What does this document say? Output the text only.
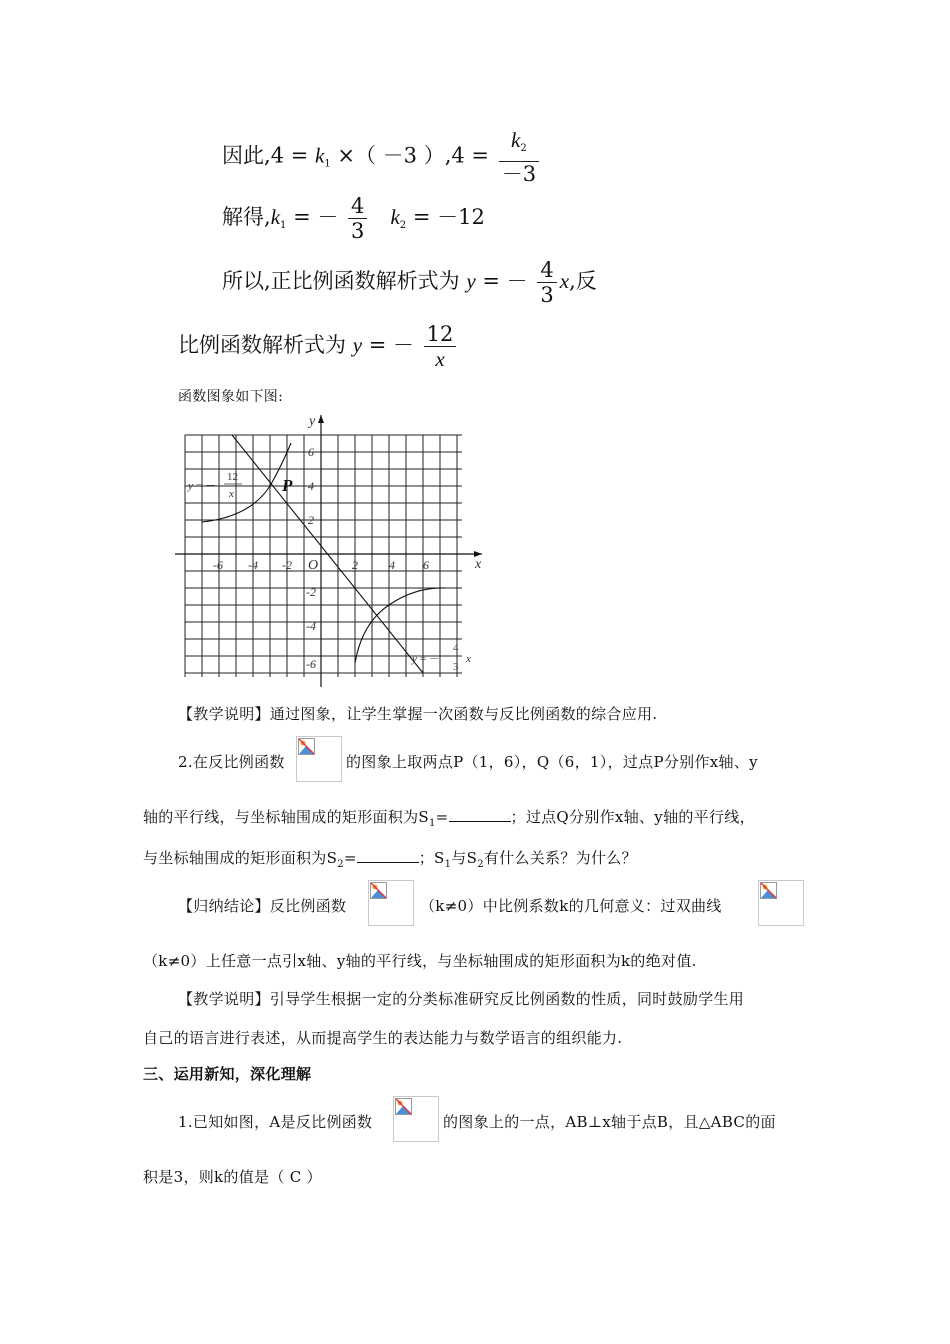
因此$,4 = k_1$ ×（ －3 ）$,4 = \frac{k_2}{-3}$
解得$,k_1$ = － $\frac{4}{3} k_2 = -12$
所以,正比例函数解析式为 y = － $\frac{4}{3} x$,反
比例函数解析式为 y = － $\frac{12}{x}$
函数图象如下图:
-6 -4 -2	2	4 6
6
4
2
-2
-4
-6
x
y
O
P
y = －
12
x
y = －
4
3
x
【教学说明】通过图象，让学生掌握一次函数与反比例函数的综合应用.
2.在反比例函数	的图象上取两点P（1，6），Q（6，1），过点P分别作x轴、y
轴的平行线，与坐标轴围成的矩形面积为$S_1=$	；过点Q分别作x轴、y轴的平行线，
与坐标轴围成的矩形面积为$S_2=$	；$S_1$与$S_2$有什么关系？为什么？
【归纳结论】反比例函数	（k≠0）中比例系数k的几何意义：过双曲线
（k≠0）上任意一点引x轴、y轴的平行线，与坐标轴围成的矩形面积为k的绝对值.
【教学说明】引导学生根据一定的分类标准研究反比例函数的性质，同时鼓励学生用
自己的语言进行表述，从而提高学生的表达能力与数学语言的组织能力.
三、运用新知，深化理解
1.已知如图，A是反比例函数	的图象上的一点，AB⊥x轴于点B，且△ABC的面
积是3，则k的值是（ C ）
